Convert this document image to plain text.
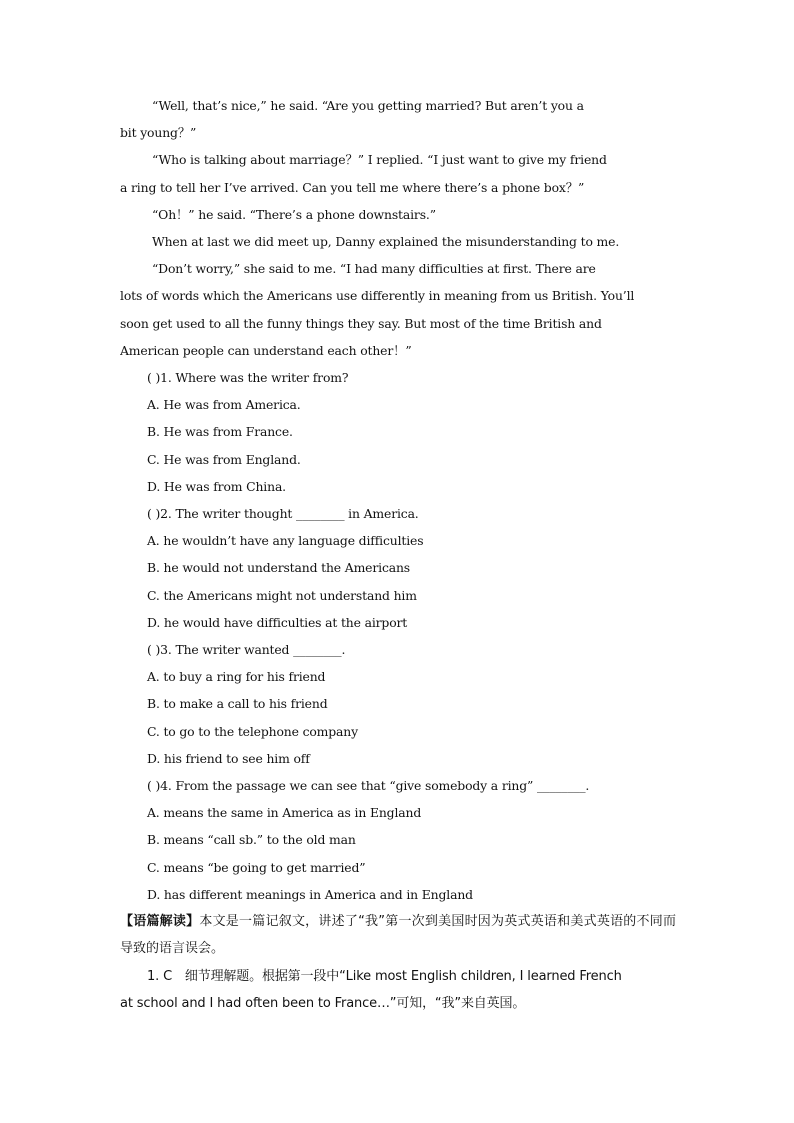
“Well, that’s nice,” he said. “Are you getting married? But aren’t you a
bit young？”
“Who is talking about marriage？” I replied. “I just want to give my friend
a ring to tell her I’ve arrived. Can you tell me where there’s a phone box？”
“Oh！” he said. “There’s a phone downstairs.”
When at last we did meet up, Danny explained the misunderstanding to me.
“Don’t worry,” she said to me. “I had many difficulties at first. There are
lots of words which the Americans use differently in meaning from us British. You’ll
soon get used to all the funny things they say. But most of the time British and
American people can understand each other！”
( )1. Where was the writer from?
A. He was from America.
B. He was from France.
C. He was from England.
D. He was from China.
( )2. The writer thought ________ in America.
A. he wouldn’t have any language difficulties
B. he would not understand the Americans
C. the Americans might not understand him
D. he would have difficulties at the airport
( )3. The writer wanted ________.
A. to buy a ring for his friend
B. to make a call to his friend
C. to go to the telephone company
D. his friend to see him off
( )4. From the passage we can see that “give somebody a ring” ________.
A. means the same in America as in England
B. means “call sb.” to the old man
C. means “be going to get married”
D. has different meanings in America and in England
【语篇解读】本文是一篇记叙文，讲述了“我”第一次到美国时因为英式英语和美式英语的不同而导致的语言误会。
1. C　细节理解题。根据第一段中“Like most English children, I learned French
at school and I had often been to France…”可知，“我”来自英国。
